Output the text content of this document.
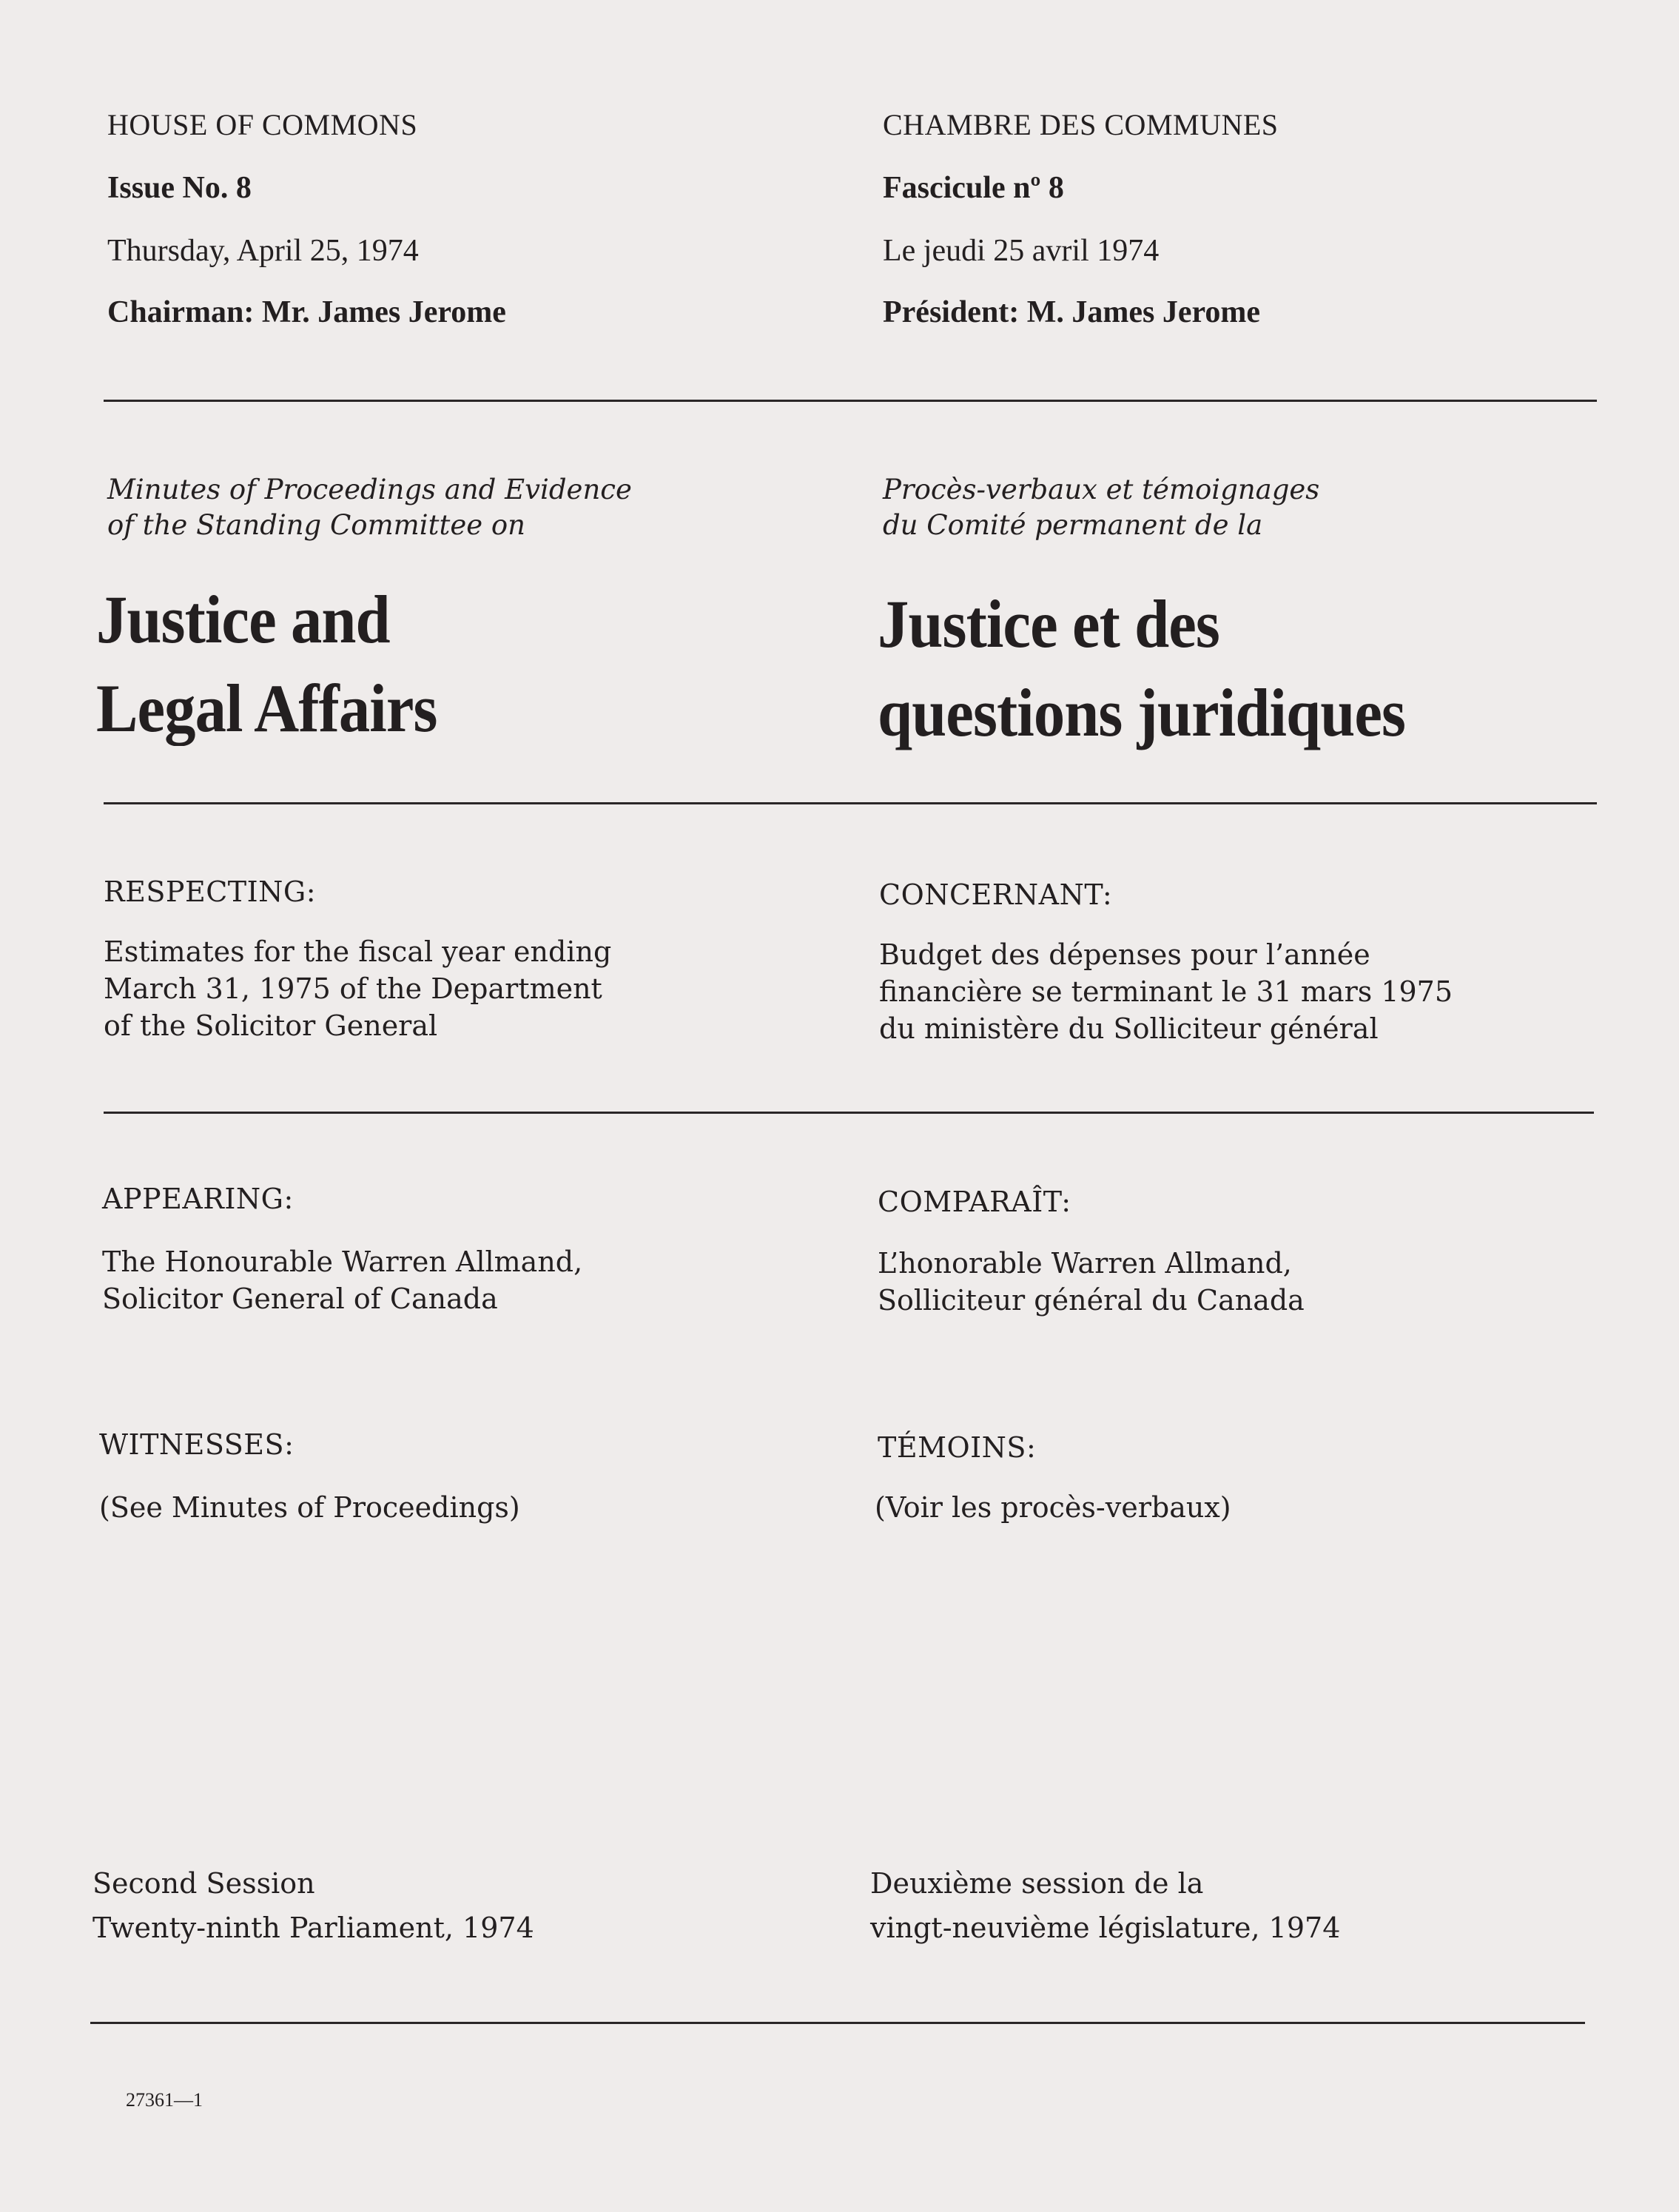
HOUSE OF COMMONS
Issue No. 8
Thursday, April 25, 1974
Chairman: Mr. James Jerome
CHAMBRE DES COMMUNES
Fascicule nº 8
Le jeudi 25 avril 1974
Président: M. James Jerome
Minutes of Proceedings and Evidence
of the Standing Committee on
Procès-verbaux et témoignages
du Comité permanent de la
Justice and
Legal Affairs
Justice et des
questions juridiques
RESPECTING:
Estimates for the fiscal year ending
March 31, 1975 of the Department
of the Solicitor General
CONCERNANT:
Budget des dépenses pour l’année
financière se terminant le 31 mars 1975
du ministère du Solliciteur général
APPEARING:
The Honourable Warren Allmand,
Solicitor General of Canada
COMPARAÎT:
L’honorable Warren Allmand,
Solliciteur général du Canada
WITNESSES:
(See Minutes of Proceedings)
TÉMOINS:
(Voir les procès-verbaux)
Second Session
Twenty-ninth Parliament, 1974
Deuxième session de la
vingt-neuvième législature, 1974
27361—1
